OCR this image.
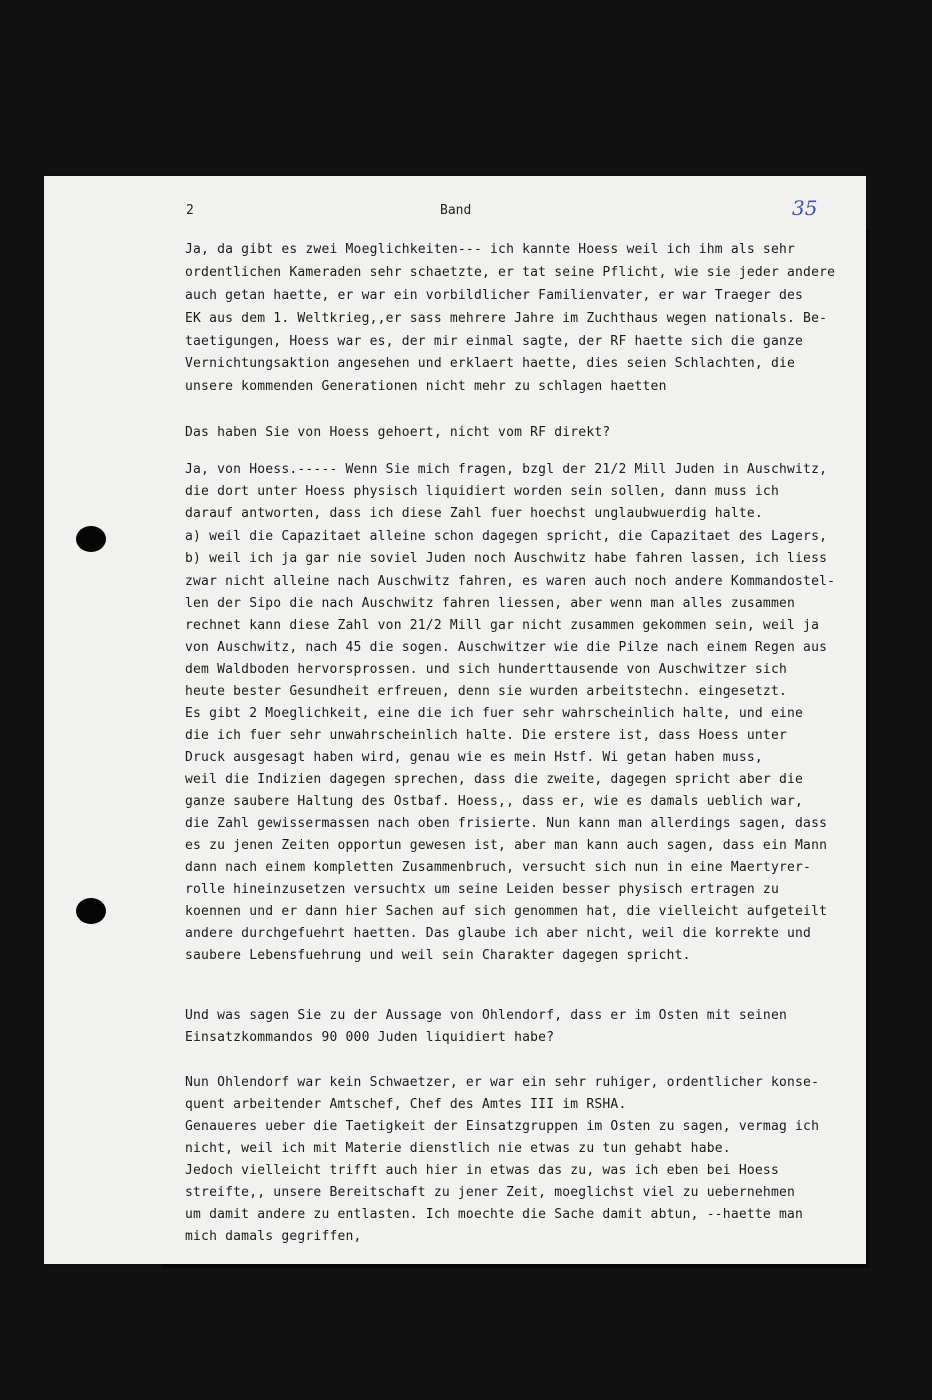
2	Band	35
Ja, da gibt es zwei Moeglichkeiten--- ich kannte Hoess weil ich ihm als sehr
ordentlichen Kameraden sehr schaetzte, er tat seine Pflicht, wie sie jeder andere
auch getan haette, er war ein vorbildlicher Familienvater, er war Traeger des
EK aus dem 1. Weltkrieg,,er sass mehrere Jahre im Zuchthaus wegen nationals. Be-
taetigungen, Hoess war es, der mir einmal sagte, der RF haette sich die ganze
Vernichtungsaktion angesehen und erklaert haette, dies seien Schlachten, die
unsere kommenden Generationen nicht mehr zu schlagen haetten
Das haben Sie von Hoess gehoert, nicht vom RF direkt?
Ja, von Hoess.----- Wenn Sie mich fragen, bzgl der 21/2 Mill Juden in Auschwitz,
die dort unter Hoess physisch liquidiert worden sein sollen, dann muss ich
darauf antworten, dass ich diese Zahl fuer hoechst unglaubwuerdig halte.
a) weil die Capazitaet alleine schon dagegen spricht, die Capazitaet des Lagers,
b) weil ich ja gar nie soviel Juden noch Auschwitz habe fahren lassen, ich liess
zwar nicht alleine nach Auschwitz fahren, es waren auch noch andere Kommandostel-
len der Sipo die nach Auschwitz fahren liessen, aber wenn man alles zusammen
rechnet kann diese Zahl von 21/2 Mill gar nicht zusammen gekommen sein, weil ja
von Auschwitz, nach 45 die sogen. Auschwitzer wie die Pilze nach einem Regen aus
dem Waldboden hervorsprossen. und sich hunderttausende von Auschwitzer sich
heute bester Gesundheit erfreuen, denn sie wurden arbeitstechn. eingesetzt.
Es gibt 2 Moeglichkeit, eine die ich fuer sehr wahrscheinlich halte, und eine
die ich fuer sehr unwahrscheinlich halte. Die erstere ist, dass Hoess unter
Druck ausgesagt haben wird, genau wie es mein Hstf. Wi getan haben muss,
weil die Indizien dagegen sprechen, dass die zweite, dagegen spricht aber die
ganze saubere Haltung des Ostbaf. Hoess,, dass er, wie es damals ueblich war,
die Zahl gewissermassen nach oben frisierte. Nun kann man allerdings sagen, dass
es zu jenen Zeiten opportun gewesen ist, aber man kann auch sagen, dass ein Mann
dann nach einem kompletten Zusammenbruch, versucht sich nun in eine Maertyrer-
rolle hineinzusetzen versuchtx um seine Leiden besser physisch ertragen zu
koennen und er dann hier Sachen auf sich genommen hat, die vielleicht aufgeteilt
andere durchgefuehrt haetten. Das glaube ich aber nicht, weil die korrekte und
saubere Lebensfuehrung und weil sein Charakter dagegen spricht.
Und was sagen Sie zu der Aussage von Ohlendorf, dass er im Osten mit seinen
Einsatzkommandos 90 000 Juden liquidiert habe?
Nun Ohlendorf war kein Schwaetzer, er war ein sehr ruhiger, ordentlicher konse-
quent arbeitender Amtschef, Chef des Amtes III im RSHA.
Genaueres ueber die Taetigkeit der Einsatzgruppen im Osten zu sagen, vermag ich
nicht, weil ich mit Materie dienstlich nie etwas zu tun gehabt habe.
Jedoch vielleicht trifft auch hier in etwas das zu, was ich eben bei Hoess
streifte,, unsere Bereitschaft zu jener Zeit, moeglichst viel zu uebernehmen
um damit andere zu entlasten. Ich moechte die Sache damit abtun, --haette man
mich damals gegriffen,
